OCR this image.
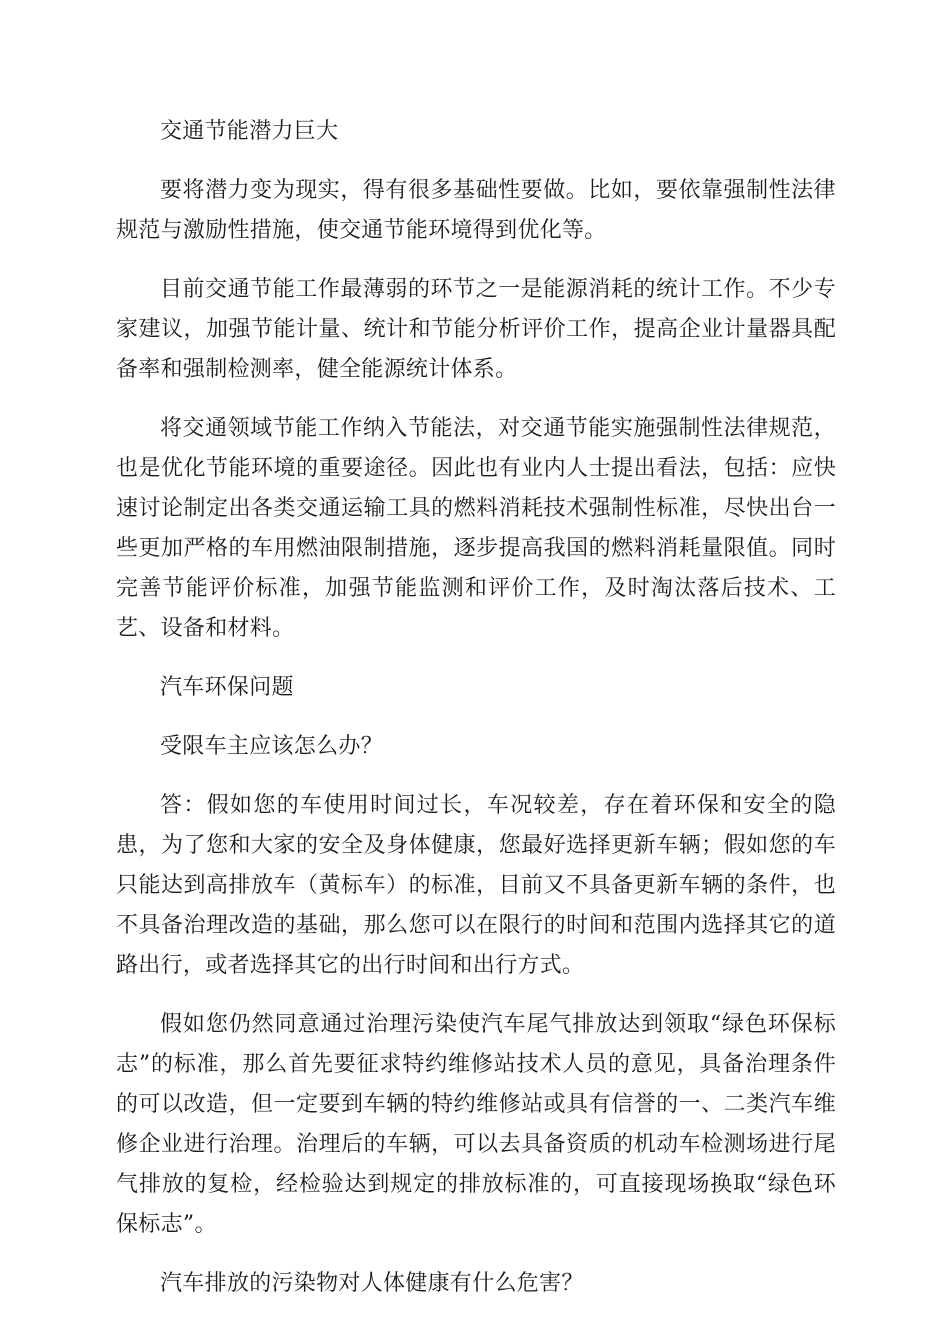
交通节能潜力巨大

要将潜力变为现实，得有很多基础性要做。比如，要依靠强制性法律规范与激励性措施，使交通节能环境得到优化等。

目前交通节能工作最薄弱的环节之一是能源消耗的统计工作。不少专家建议，加强节能计量、统计和节能分析评价工作，提高企业计量器具配备率和强制检测率，健全能源统计体系。

将交通领域节能工作纳入节能法，对交通节能实施强制性法律规范，也是优化节能环境的重要途径。因此也有业内人士提出看法，包括：应快速讨论制定出各类交通运输工具的燃料消耗技术强制性标准，尽快出台一些更加严格的车用燃油限制措施，逐步提高我国的燃料消耗量限值。同时完善节能评价标准，加强节能监测和评价工作，及时淘汰落后技术、工艺、设备和材料。

汽车环保问题

受限车主应该怎么办？

答：假如您的车使用时间过长，车况较差，存在着环保和安全的隐患，为了您和大家的安全及身体健康，您最好选择更新车辆；假如您的车只能达到高排放车（黄标车）的标准，目前又不具备更新车辆的条件，也不具备治理改造的基础，那么您可以在限行的时间和范围内选择其它的道路出行，或者选择其它的出行时间和出行方式。

假如您仍然同意通过治理污染使汽车尾气排放达到领取“绿色环保标志”的标准，那么首先要征求特约维修站技术人员的意见，具备治理条件的可以改造，但一定要到车辆的特约维修站或具有信誉的一、二类汽车维修企业进行治理。治理后的车辆，可以去具备资质的机动车检测场进行尾气排放的复检，经检验达到规定的排放标准的，可直接现场换取“绿色环保标志”。

汽车排放的污染物对人体健康有什么危害？
